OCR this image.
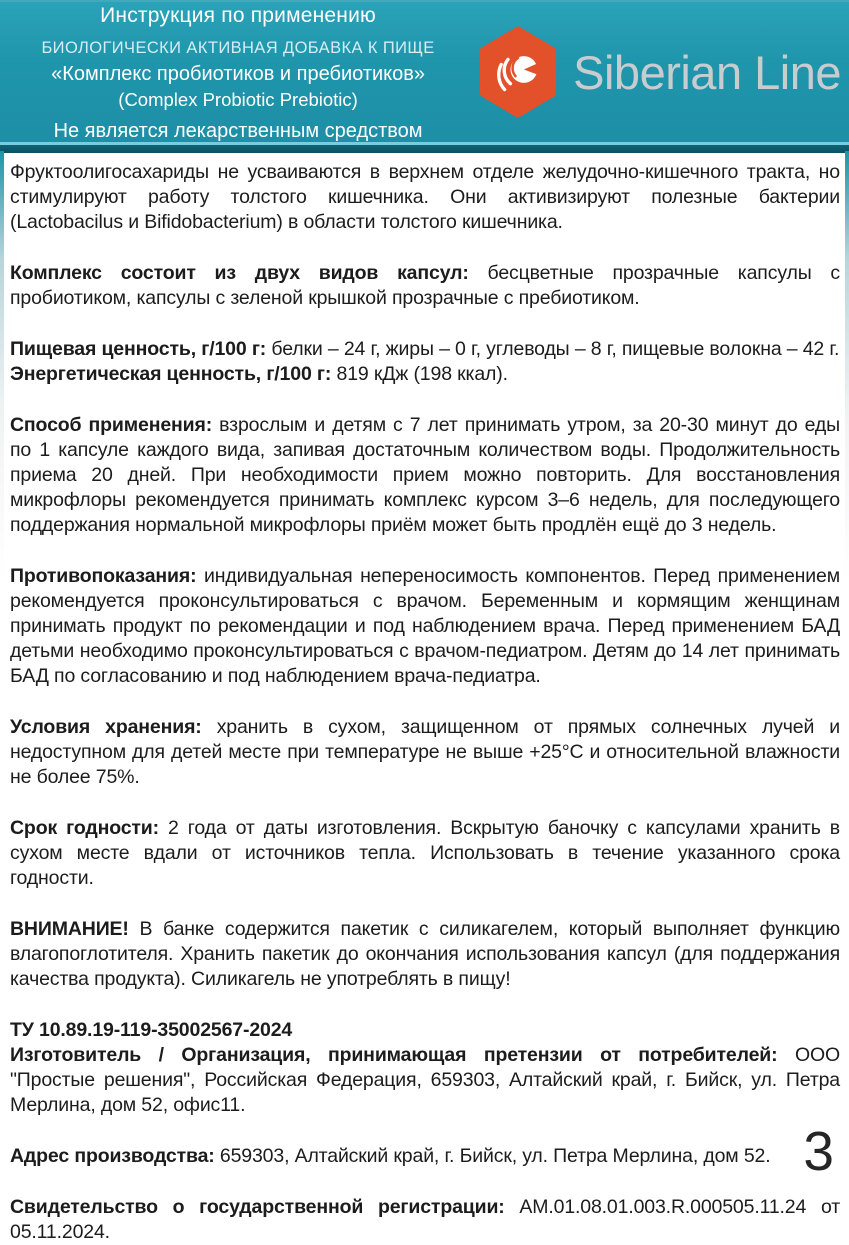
Инструкция по применению
БИОЛОГИЧЕСКИ АКТИВНАЯ ДОБАВКА К ПИЩЕ
«Комплекс пробиотиков и пребиотиков»
(Complex Probiotic Prebiotic)
Не является лекарственным средством
Siberian Line
Фруктоолигосахариды не усваиваются в верхнем отделе желудочно-кишечного тракта, но стимулируют работу толстого кишечника. Они активизируют полезные бактерии (Lactobacilus и Bifidobacterium) в области толстого кишечника.
Комплекс состоит из двух видов капсул: бесцветные прозрачные капсулы с пробиотиком, капсулы с зеленой крышкой прозрачные с пребиотиком.
Пищевая ценность, г/100 г: белки – 24 г, жиры – 0 г, углеводы – 8 г, пищевые волокна – 42 г.
Энергетическая ценность, г/100 г: 819 кДж (198 ккал).
Способ применения: взрослым и детям с 7 лет принимать утром, за 20-30 минут до еды по 1 капсуле каждого вида, запивая достаточным количеством воды. Продолжительность приема 20 дней. При необходимости прием можно повторить. Для восстановления микрофлоры рекомендуется принимать комплекс курсом 3–6 недель, для последующего поддержания нормальной микрофлоры приём может быть продлён ещё до 3 недель.
Противопоказания: индивидуальная непереносимость компонентов. Перед применением рекомендуется проконсультироваться с врачом. Беременным и кормящим женщинам принимать продукт по рекомендации и под наблюдением врача. Перед применением БАД детьми необходимо проконсультироваться с врачом-педиатром. Детям до 14 лет принимать БАД по согласованию и под наблюдением врача-педиатра.
Условия хранения: хранить в сухом, защищенном от прямых солнечных лучей и недоступном для детей месте при температуре не выше +25°С и относительной влажности не более 75%.
Срок годности: 2 года от даты изготовления. Вскрытую баночку с капсулами хранить в сухом месте вдали от источников тепла. Использовать в течение указанного срока годности.
ВНИМАНИЕ! В банке содержится пакетик с силикагелем, который выполняет функцию влагопоглотителя. Хранить пакетик до окончания использования капсул (для поддержания качества продукта). Силикагель не употреблять в пищу!
ТУ 10.89.19-119-35002567-2024
Изготовитель / Организация, принимающая претензии от потребителей: ООО "Простые решения", Российская Федерация, 659303, Алтайский край, г. Бийск, ул. Петра Мерлина, дом 52, офис11.
Адрес производства: 659303, Алтайский край, г. Бийск, ул. Петра Мерлина, дом 52.
Свидетельство о государственной регистрации: АМ.01.08.01.003.R.000505.11.24 от 05.11.2024.
3
